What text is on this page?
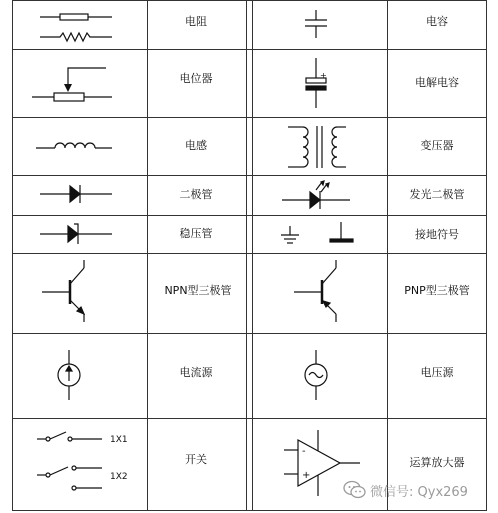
电阻	电容
电位器	电解电容
电感	变压器
二极管	发光二极管
稳压管	接地符号
NPN型三极管	PNP型三极管
电流源	电压源
开关	运算放大器
+
1X1
1X2
-
+
微信号: Qyx269
